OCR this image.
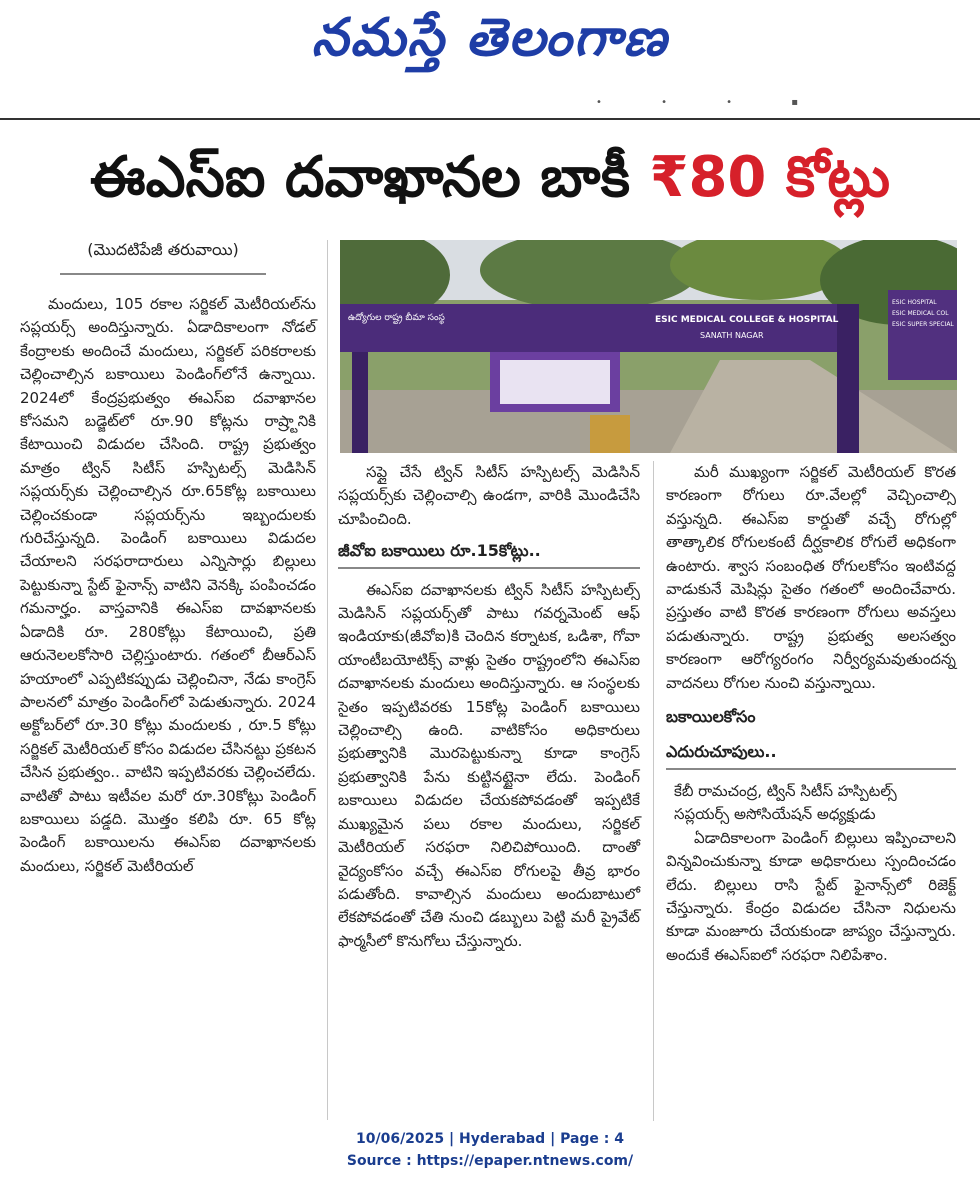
నమస్తే తెలంగాణ
• • • ▪
ఈఎస్ఐ దవాఖానల బాకీ ₹80 కోట్లు
(మొదటిపేజీ తరువాయి)

మందులు, 105 రకాల సర్జికల్ మెటీరియల్‌ను సప్లయర్స్ అందిస్తున్నారు. ఏడాదికాలంగా నోడల్ కేంద్రాలకు అందించే మందులు, సర్జికల్ పరికరాలకు చెల్లించాల్సిన బకాయిలు పెండింగ్‌లోనే ఉన్నాయి. 2024లో కేంద్రప్రభుత్వం ఈఎస్ఐ దవాఖానల కోసమని బడ్జెట్‌లో రూ.90 కోట్లను రాష్ర్టానికి కేటాయించి విడుదల చేసింది. రాష్ట్ర ప్రభుత్వం మాత్రం ట్విన్ సిటీస్ హస్పిటల్స్ మెడిసిన్ సప్లయర్స్‌కు చెల్లించాల్సిన రూ.65కోట్ల బకాయిలు చెల్లించకుండా సప్లయర్స్‌ను ఇబ్బందులకు గురిచేస్తున్నది. పెండింగ్ బకాయిలు విడుదల చేయాలని సరఫరాదారులు ఎన్నిసార్లు బిల్లులు పెట్టుకున్నా స్టేట్ ఫైనాన్స్ వాటిని వెనక్కి పంపించడం గమనార్హం. వాస్తవానికి ఈఎస్ఐ దావఖానలకు ఏడాదికి రూ. 280కోట్లు కేటాయించి, ప్రతి ఆరునెలలకోసారి చెల్లిస్తుంటారు. గతంలో బీఆర్ఎస్ హయాంలో ఎప్పటికప్పుడు చెల్లించినా, నేడు కాంగ్రెస్ పాలనలో మాత్రం పెండింగ్‌లో పెడుతున్నారు. 2024 అక్టోబర్‌లో రూ.30 కోట్లు మందులకు , రూ.5 కోట్లు సర్జికల్ మెటీరియల్ కోసం విడుదల చేసినట్టు ప్రకటన చేసిన ప్రభుత్వం.. వాటిని ఇప్పటివరకు చెల్లించలేదు. వాటితో పాటు ఇటీవల మరో రూ.30కోట్లు పెండింగ్ బకాయిలు పడ్డది. మొత్తం కలిపి రూ. 65 కోట్ల పెండింగ్ బకాయిలను ఈఎస్ఐ దవాఖానలకు మందులు, సర్జికల్ మెటీరియల్

ఉద్యోగుల రాష్ట్ర బీమా సంస్థ	ESIC MEDICAL COLLEGE & HOSPITAL
SANATH NAGAR
ESIC HOSPITAL
ESIC MEDICAL COL
ESIC SUPER SPECIAL

సప్లై చేసే ట్విన్ సిటీస్ హస్పిటల్స్ మెడిసిన్ సప్లయర్స్‌కు చెల్లించాల్సి ఉండగా, వారికి మొండిచేసి చూపించింది.

జీవోఐ బకాయిలు రూ.15కోట్లు..

ఈఎస్ఐ దవాఖానలకు ట్విన్ సిటీస్ హస్పిటల్స్ మెడిసిన్ సప్లయర్స్‌తో పాటు గవర్నమెంట్ ఆఫ్ ఇండియాకు(జీవోఐ)కి చెందిన కర్నాటక, ఒడిశా, గోవా యాంటీబయోటిక్స్ వాళ్లు సైతం రాష్ట్రంలోని ఈఎస్ఐ దవాఖానలకు మందులు అందిస్తున్నారు. ఆ సంస్థలకు సైతం ఇప్పటివరకు 15కోట్ల పెండింగ్ బకాయిలు చెల్లించాల్సి ఉంది. వాటికోసం అధికారులు ప్రభుత్వానికి మొరపెట్టుకున్నా కూడా కాంగ్రెస్ ప్రభుత్వానికి పేను కుట్టినట్టైనా లేదు. పెండింగ్ బకాయిలు విడుదల చేయకపోవడంతో ఇప్పటికే ముఖ్యమైన పలు రకాల మందులు, సర్జికల్ మెటీరియల్ సరఫరా నిలిచిపోయింది. దాంతో వైద్యంకోసం వచ్చే ఈఎస్ఐ రోగులపై తీవ్ర భారం పడుతోంది. కావాల్సిన మందులు అందుబాటులో లేకపోవడంతో చేతి నుంచి డబ్బులు పెట్టి మరీ ప్రైవేట్ ఫార్మసీలో కొనుగోలు చేస్తున్నారు.

మరీ ముఖ్యంగా సర్జికల్ మెటీరియల్ కొరత కారణంగా రోగులు రూ.వేలల్లో వెచ్చించాల్సి వస్తున్నది. ఈఎస్ఐ కార్డుతో వచ్చే రోగుల్లో తాత్కాలిక రోగులకంటే దీర్ఘకాలిక రోగులే అధికంగా ఉంటారు. శ్వాస సంబంధిత రోగులకోసం ఇంటివద్ద వాడుకునే మెషిన్లు సైతం గతంలో అందించేవారు. ప్రస్తుతం వాటి కొరత కారణంగా రోగులు అవస్తలు పడుతున్నారు. రాష్ట్ర ప్రభుత్వ అలసత్వం కారణంగా ఆరోగ్యరంగం నిర్వీర్యమవుతుందన్న వాదనలు రోగుల నుంచి వస్తున్నాయి.

బకాయిలకోసం
ఎదురుచూపులు..
కేబీ రామచంద్ర, ట్విన్ సిటీస్ హస్పిటల్స్
సప్లయర్స్ అసోసియేషన్ అధ్యక్షుడు

ఏడాదికాలంగా పెండింగ్ బిల్లులు ఇప్పించాలని విన్నవించుకున్నా కూడా అధికారులు స్పందించడం లేదు. బిల్లులు రాసి స్టేట్ ఫైనాన్స్‌లో రిజెక్ట్ చేస్తున్నారు. కేంద్రం విడుదల చేసినా నిధులను కూడా మంజూరు చేయకుండా జాప్యం చేస్తున్నారు. అందుకే ఈఎస్ఐలో సరఫరా నిలిపేశాం.

10/06/2025 | Hyderabad | Page : 4
Source : https://epaper.ntnews.com/
